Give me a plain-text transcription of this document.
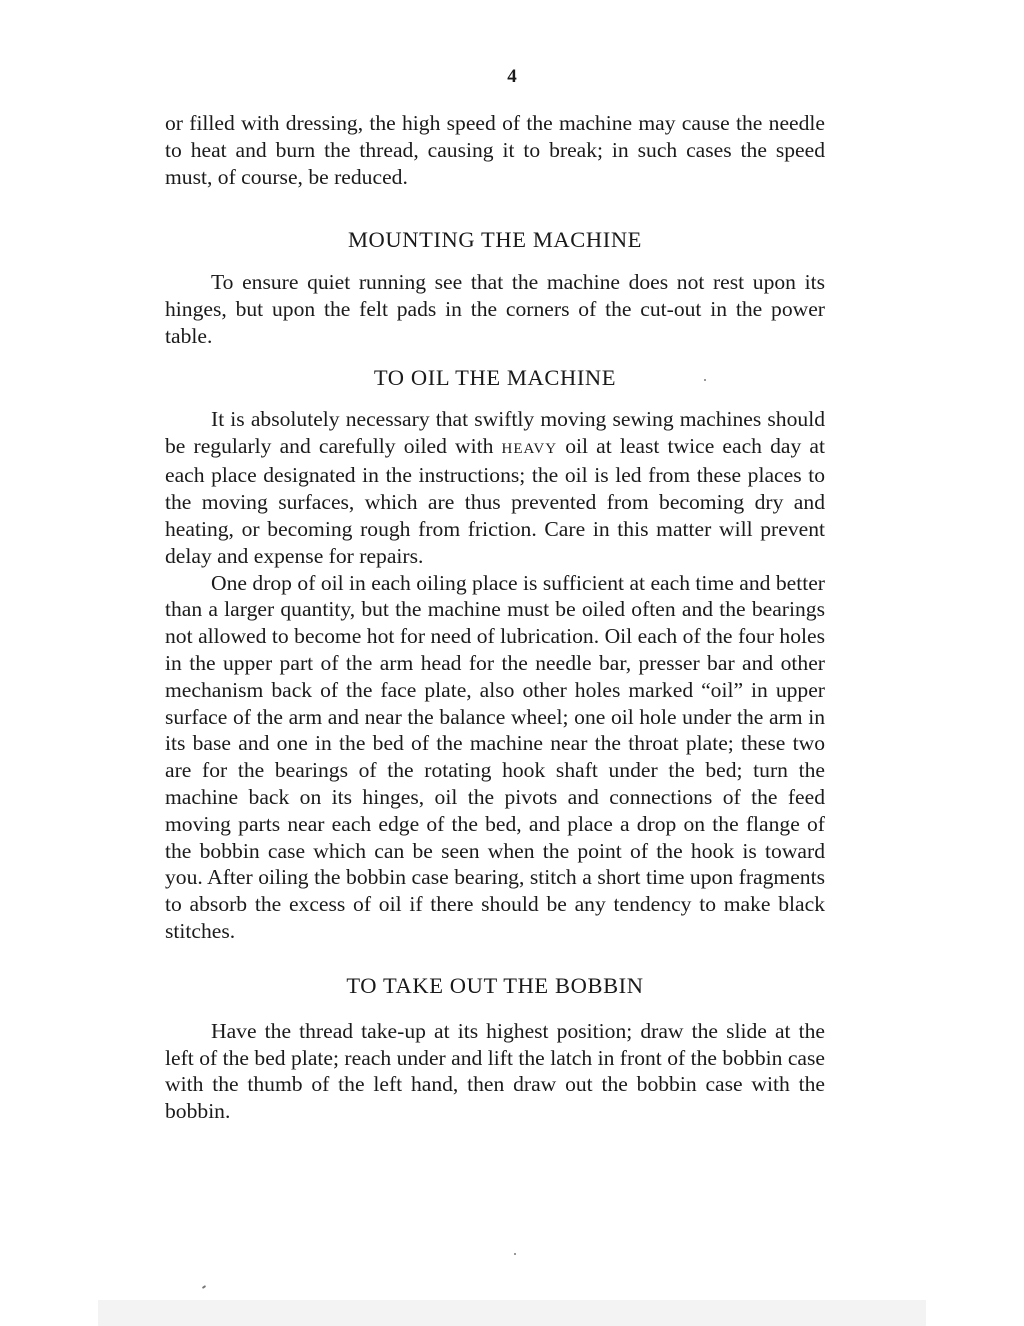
4

or filled with dressing, the high speed of the machine may cause the needle to heat and burn the thread, causing it to break; in such cases the speed must, of course, be reduced.

MOUNTING THE MACHINE

To ensure quiet running see that the machine does not rest upon its hinges, but upon the felt pads in the corners of the cut-out in the power table.

TO OIL THE MACHINE

It is absolutely necessary that swiftly moving sewing machines should be regularly and carefully oiled with HEAVY oil at least twice each day at each place designated in the instructions; the oil is led from these places to the moving surfaces, which are thus prevented from becoming dry and heating, or becoming rough from friction. Care in this matter will prevent delay and expense for repairs.

One drop of oil in each oiling place is sufficient at each time and better than a larger quantity, but the machine must be oiled often and the bearings not allowed to become hot for need of lubrication. Oil each of the four holes in the upper part of the arm head for the needle bar, presser bar and other mechanism back of the face plate, also other holes marked “oil” in upper surface of the arm and near the balance wheel; one oil hole under the arm in its base and one in the bed of the machine near the throat plate; these two are for the bearings of the rotating hook shaft under the bed; turn the machine back on its hinges, oil the pivots and connections of the feed moving parts near each edge of the bed, and place a drop on the flange of the bobbin case which can be seen when the point of the hook is toward you. After oiling the bobbin case bearing, stitch a short time upon fragments to absorb the excess of oil if there should be any tendency to make black stitches.

TO TAKE OUT THE BOBBIN

Have the thread take-up at its highest position; draw the slide at the left of the bed plate; reach under and lift the latch in front of the bobbin case with the thumb of the left hand, then draw out the bobbin case with the bobbin.
